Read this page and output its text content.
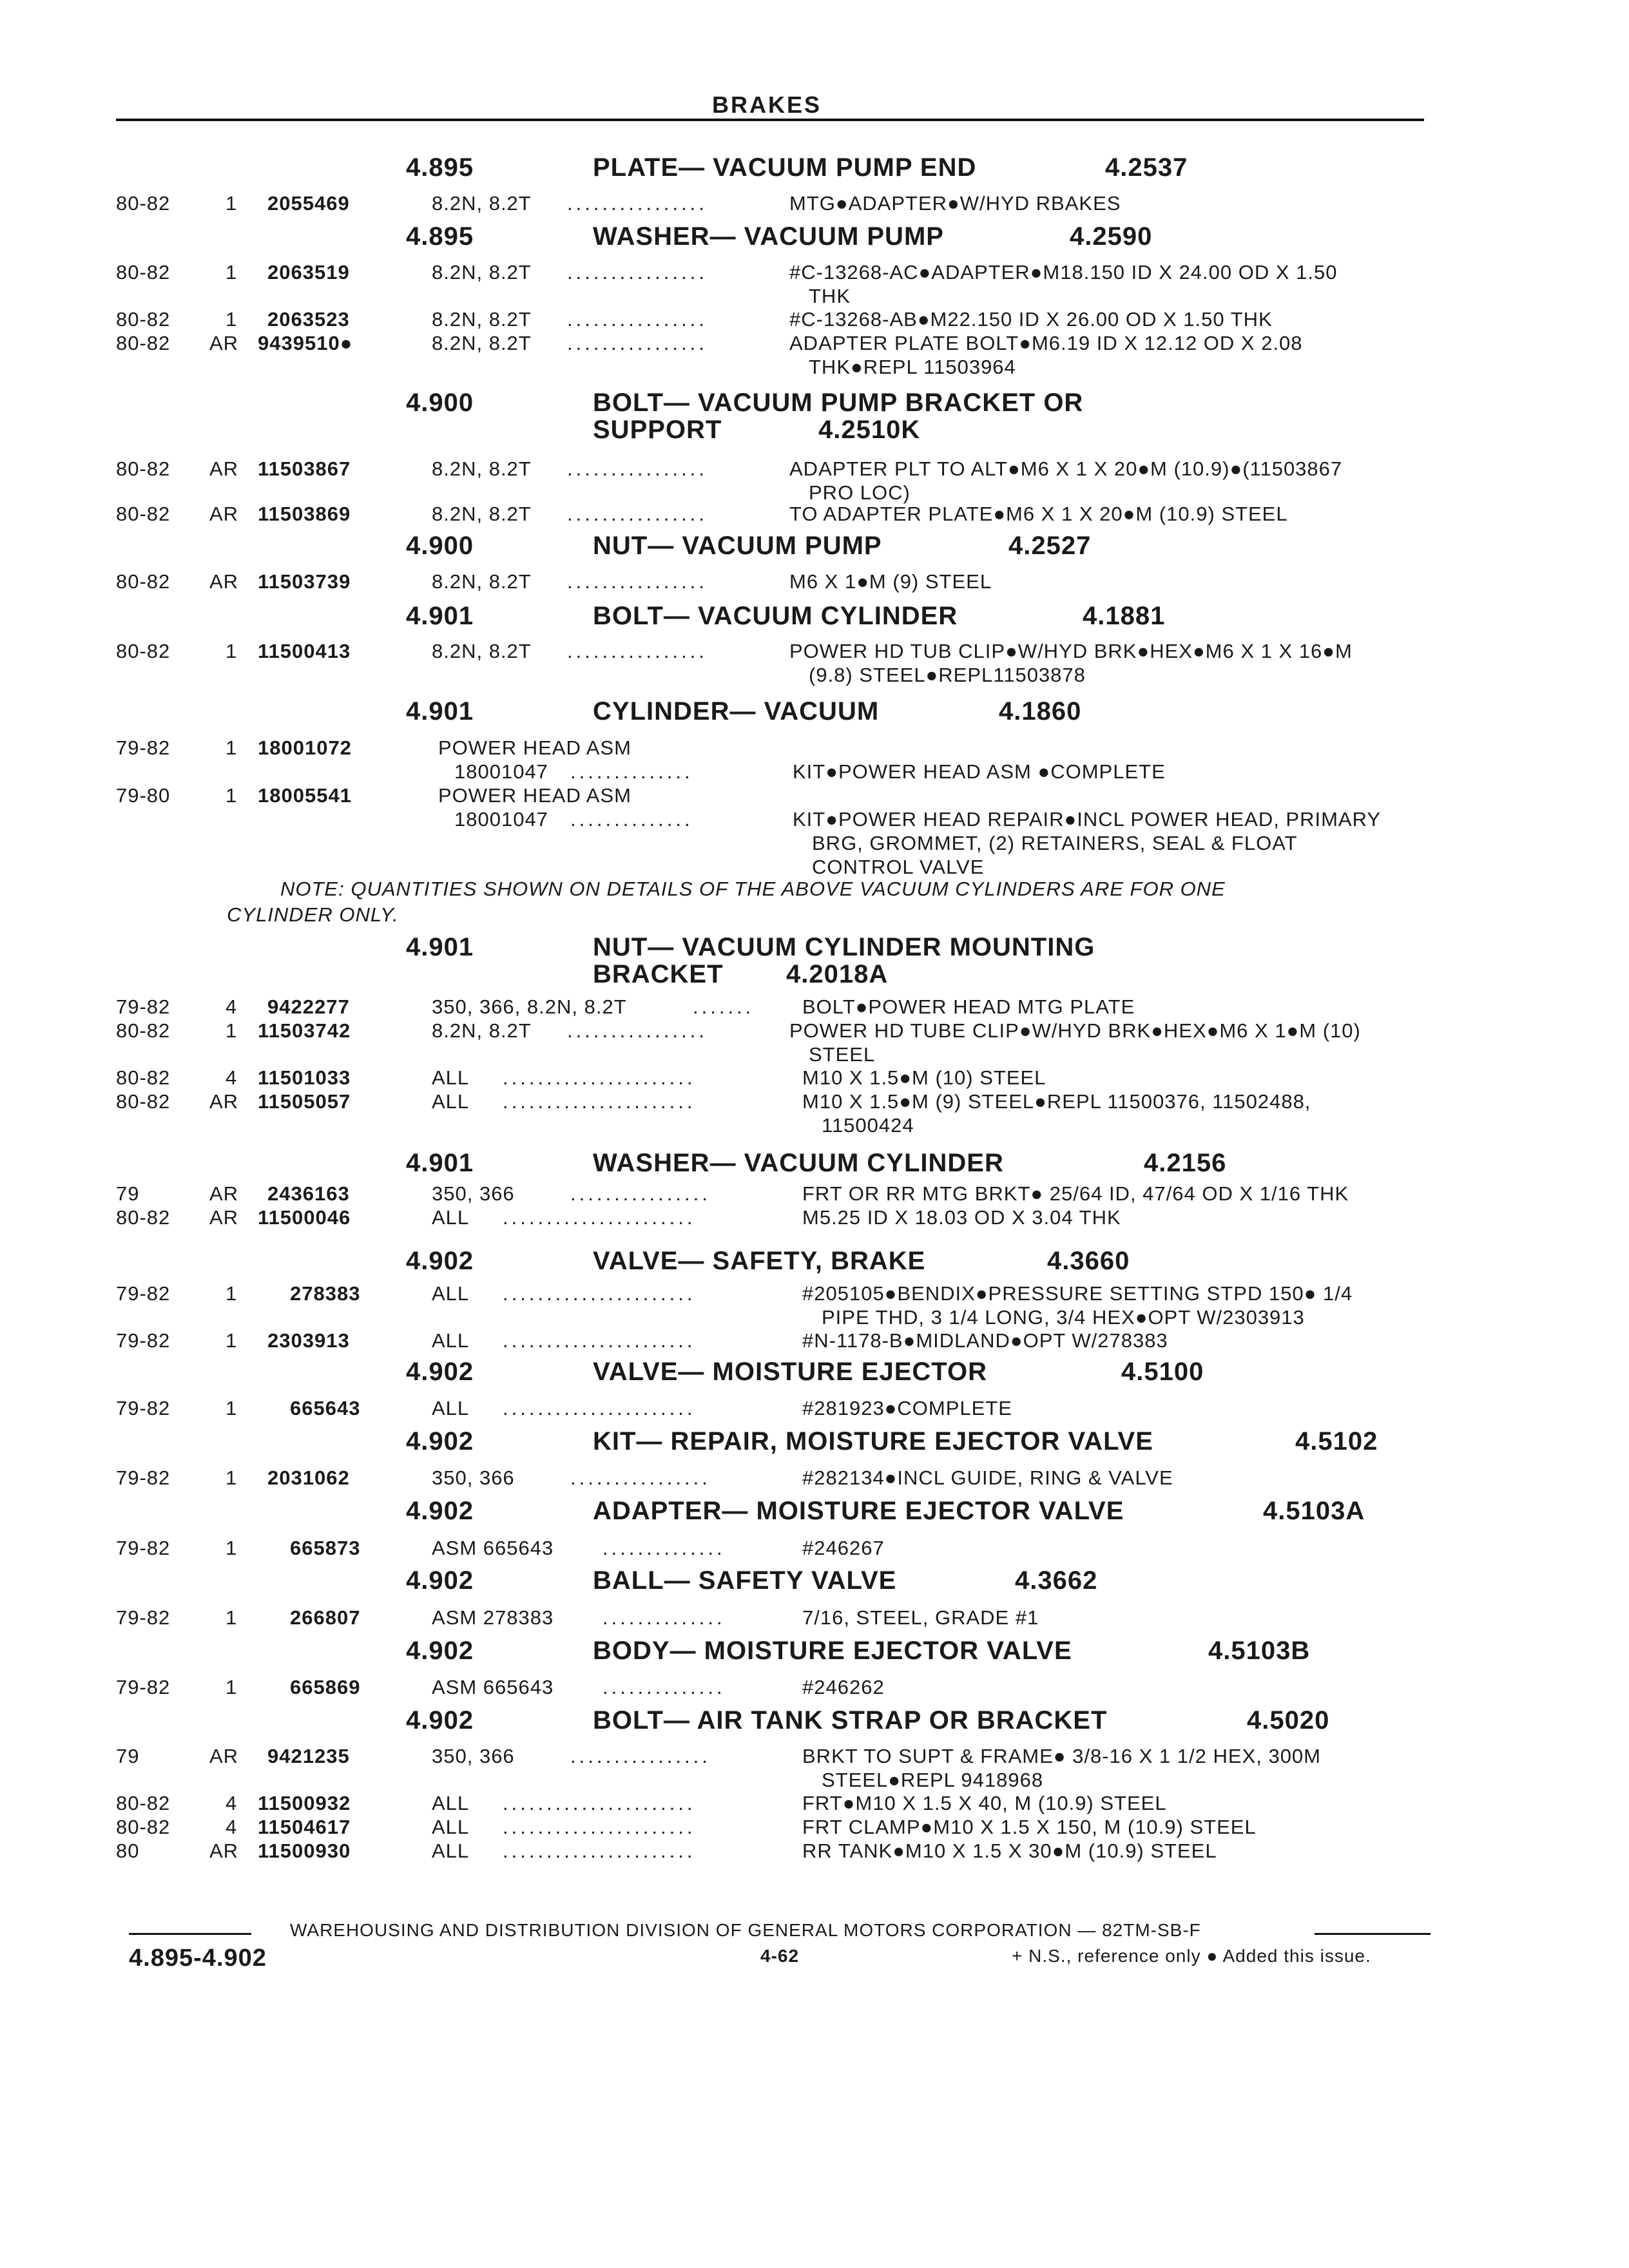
BRAKES
4.895	PLATE— VACUUM PUMP END	4.2537
80-82	1 2055469	8.2N, 8.2T ................	MTG●ADAPTER●W/HYD RBAKES
4.895	WASHER— VACUUM PUMP	4.2590
80-82	1 2063519	8.2N, 8.2T ................	#C-13268-AC●ADAPTER●M18.150 ID X 24.00 OD X 1.50
THK
80-82	1 2063523	8.2N, 8.2T ................	#C-13268-AB●M22.150 ID X 26.00 OD X 1.50 THK
80-82 AR 9439510●	8.2N, 8.2T ................	ADAPTER PLATE BOLT●M6.19 ID X 12.12 OD X 2.08
THK●REPL 11503964
4.900	BOLT— VACUUM PUMP BRACKET OR
SUPPORT	4.2510K
80-82 AR 11503867	8.2N, 8.2T ................	ADAPTER PLT TO ALT●M6 X 1 X 20●M (10.9)●(11503867
PRO LOC)
80-82 AR 11503869	8.2N, 8.2T ................	TO ADAPTER PLATE●M6 X 1 X 20●M (10.9) STEEL
4.900	NUT— VACUUM PUMP	4.2527
80-82 AR 11503739	8.2N, 8.2T ................	M6 X 1●M (9) STEEL
4.901	BOLT— VACUUM CYLINDER	4.1881
80-82	1 11500413	8.2N, 8.2T ................	POWER HD TUB CLIP●W/HYD BRK●HEX●M6 X 1 X 16●M
(9.8) STEEL●REPL11503878
4.901	CYLINDER— VACUUM	4.1860
79-82	1 18001072	POWER HEAD ASM
18001047 ..............	KIT●POWER HEAD ASM ●COMPLETE
79-80	1 18005541	POWER HEAD ASM
18001047 ..............	KIT●POWER HEAD REPAIR●INCL POWER HEAD, PRIMARY
BRG, GROMMET, (2) RETAINERS, SEAL & FLOAT
CONTROL VALVE
4.901	NUT— VACUUM CYLINDER MOUNTING
BRACKET 4.2018A
79-82	4 9422277	350, 366, 8.2N, 8.2T	....... BOLT●POWER HEAD MTG PLATE
80-82	1 11503742	8.2N, 8.2T ................	POWER HD TUBE CLIP●W/HYD BRK●HEX●M6 X 1●M (10)
STEEL
80-82	4 11501033	ALL ......................	M10 X 1.5●M (10) STEEL
80-82 AR 11505057	ALL ......................	M10 X 1.5●M (9) STEEL●REPL 11500376, 11502488,
11500424
4.901	WASHER— VACUUM CYLINDER	4.2156
79	AR 2436163	350, 366	................	FRT OR RR MTG BRKT● 25/64 ID, 47/64 OD X 1/16 THK
80-82 AR 11500046	ALL ......................	M5.25 ID X 18.03 OD X 3.04 THK
4.902	VALVE— SAFETY, BRAKE	4.3660
79-82	1	278383	ALL ......................	#205105●BENDIX●PRESSURE SETTING STPD 150● 1/4
PIPE THD, 3 1/4 LONG, 3/4 HEX●OPT W/2303913
79-82	1 2303913	ALL ......................	#N-1178-B●MIDLAND●OPT W/278383
4.902	VALVE— MOISTURE EJECTOR	4.5100
79-82	1	665643	ALL ......................	#281923●COMPLETE
4.902	KIT— REPAIR, MOISTURE EJECTOR VALVE	4.5102
79-82	1 2031062	350, 366	................	#282134●INCL GUIDE, RING & VALVE
4.902	ADAPTER— MOISTURE EJECTOR VALVE	4.5103A
79-82	1	665873	ASM 665643 ..............	#246267
4.902	BALL— SAFETY VALVE	4.3662
79-82	1	266807	ASM 278383 ..............	7/16, STEEL, GRADE #1
4.902	BODY— MOISTURE EJECTOR VALVE	4.5103B
79-82	1	665869	ASM 665643 ..............	#246262
4.902	BOLT— AIR TANK STRAP OR BRACKET	4.5020
79	AR 9421235	350, 366	................	BRKT TO SUPT & FRAME● 3/8-16 X 1 1/2 HEX, 300M
STEEL●REPL 9418968
80-82	4 11500932	ALL ......................	FRT●M10 X 1.5 X 40, M (10.9) STEEL
80-82	4 11504617	ALL ......................	FRT CLAMP●M10 X 1.5 X 150, M (10.9) STEEL
80	AR 11500930	ALL ......................	RR TANK●M10 X 1.5 X 30●M (10.9) STEEL
NOTE: QUANTITIES SHOWN ON DETAILS OF THE ABOVE VACUUM CYLINDERS ARE FOR ONE
CYLINDER ONLY.
WAREHOUSING AND DISTRIBUTION DIVISION OF GENERAL MOTORS CORPORATION — 82TM-SB-F
4.895-4.902	4-62	+ N.S., reference only ● Added this issue.
